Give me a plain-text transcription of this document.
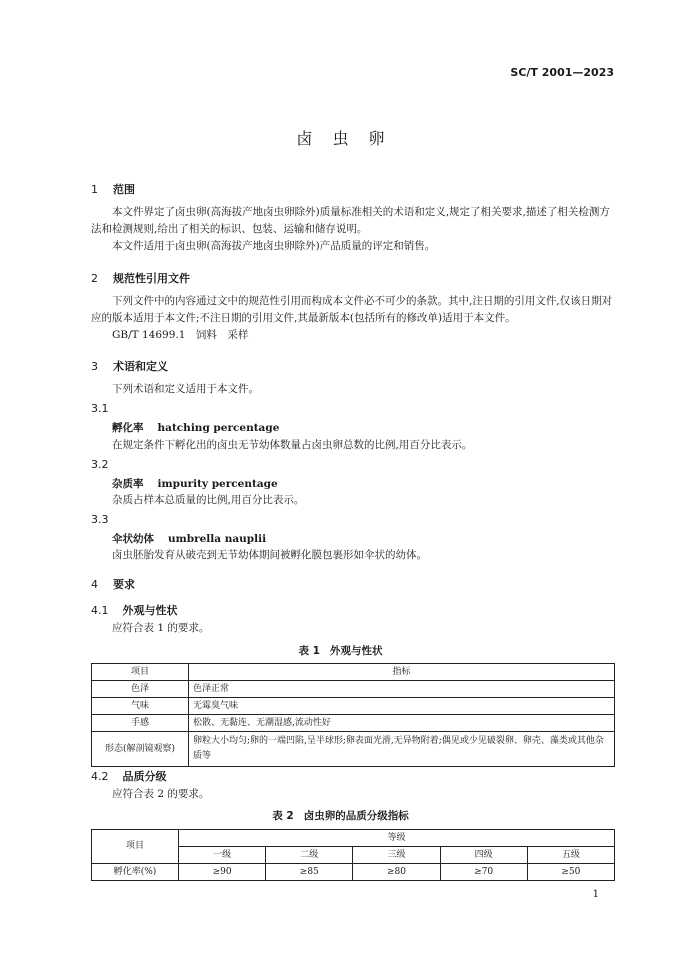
SC/T 2001—2023
卤虫卵
1 范围
本文件界定了卤虫卵(高海拔产地卤虫卵除外)质量标准相关的术语和定义,规定了相关要求,描述了相关检测方法和检测规则,给出了相关的标识、包装、运输和储存说明。
本文件适用于卤虫卵(高海拔产地卤虫卵除外)产品质量的评定和销售。
2 规范性引用文件
下列文件中的内容通过文中的规范性引用而构成本文件必不可少的条款。其中,注日期的引用文件,仅该日期对应的版本适用于本文件;不注日期的引用文件,其最新版本(包括所有的修改单)适用于本文件。
GB/T 14699.1　饲料　采样
3 术语和定义
下列术语和定义适用于本文件。
3.1
孵化率 hatching percentage
在规定条件下孵化出的卤虫无节幼体数量占卤虫卵总数的比例,用百分比表示。
3.2
杂质率 impurity percentage
杂质占样本总质量的比例,用百分比表示。
3.3
伞状幼体 umbrella nauplii
卤虫胚胎发育从破壳到无节幼体期间被孵化膜包裹形如伞状的幼体。
4 要求
4.1 外观与性状
应符合表 1 的要求。
表 1 外观与性状
项目	指标
色泽	色泽正常
气味	无霉臭气味
手感	松散、无黏连、无潮湿感,流动性好
形态(解剖镜观察)	卵粒大小均匀;卵的一端凹陷,呈半球形;卵表面光滑,无异物附着;偶见或少见破裂卵、卵壳、藻类或其他杂质等
4.2 品质分级
应符合表 2 的要求。
表 2 卤虫卵的品质分级指标
项目	等级				
	一级	二级	三级	四级	五级
孵化率(%)	≥90	≥85	≥80	≥70	≥50
1
